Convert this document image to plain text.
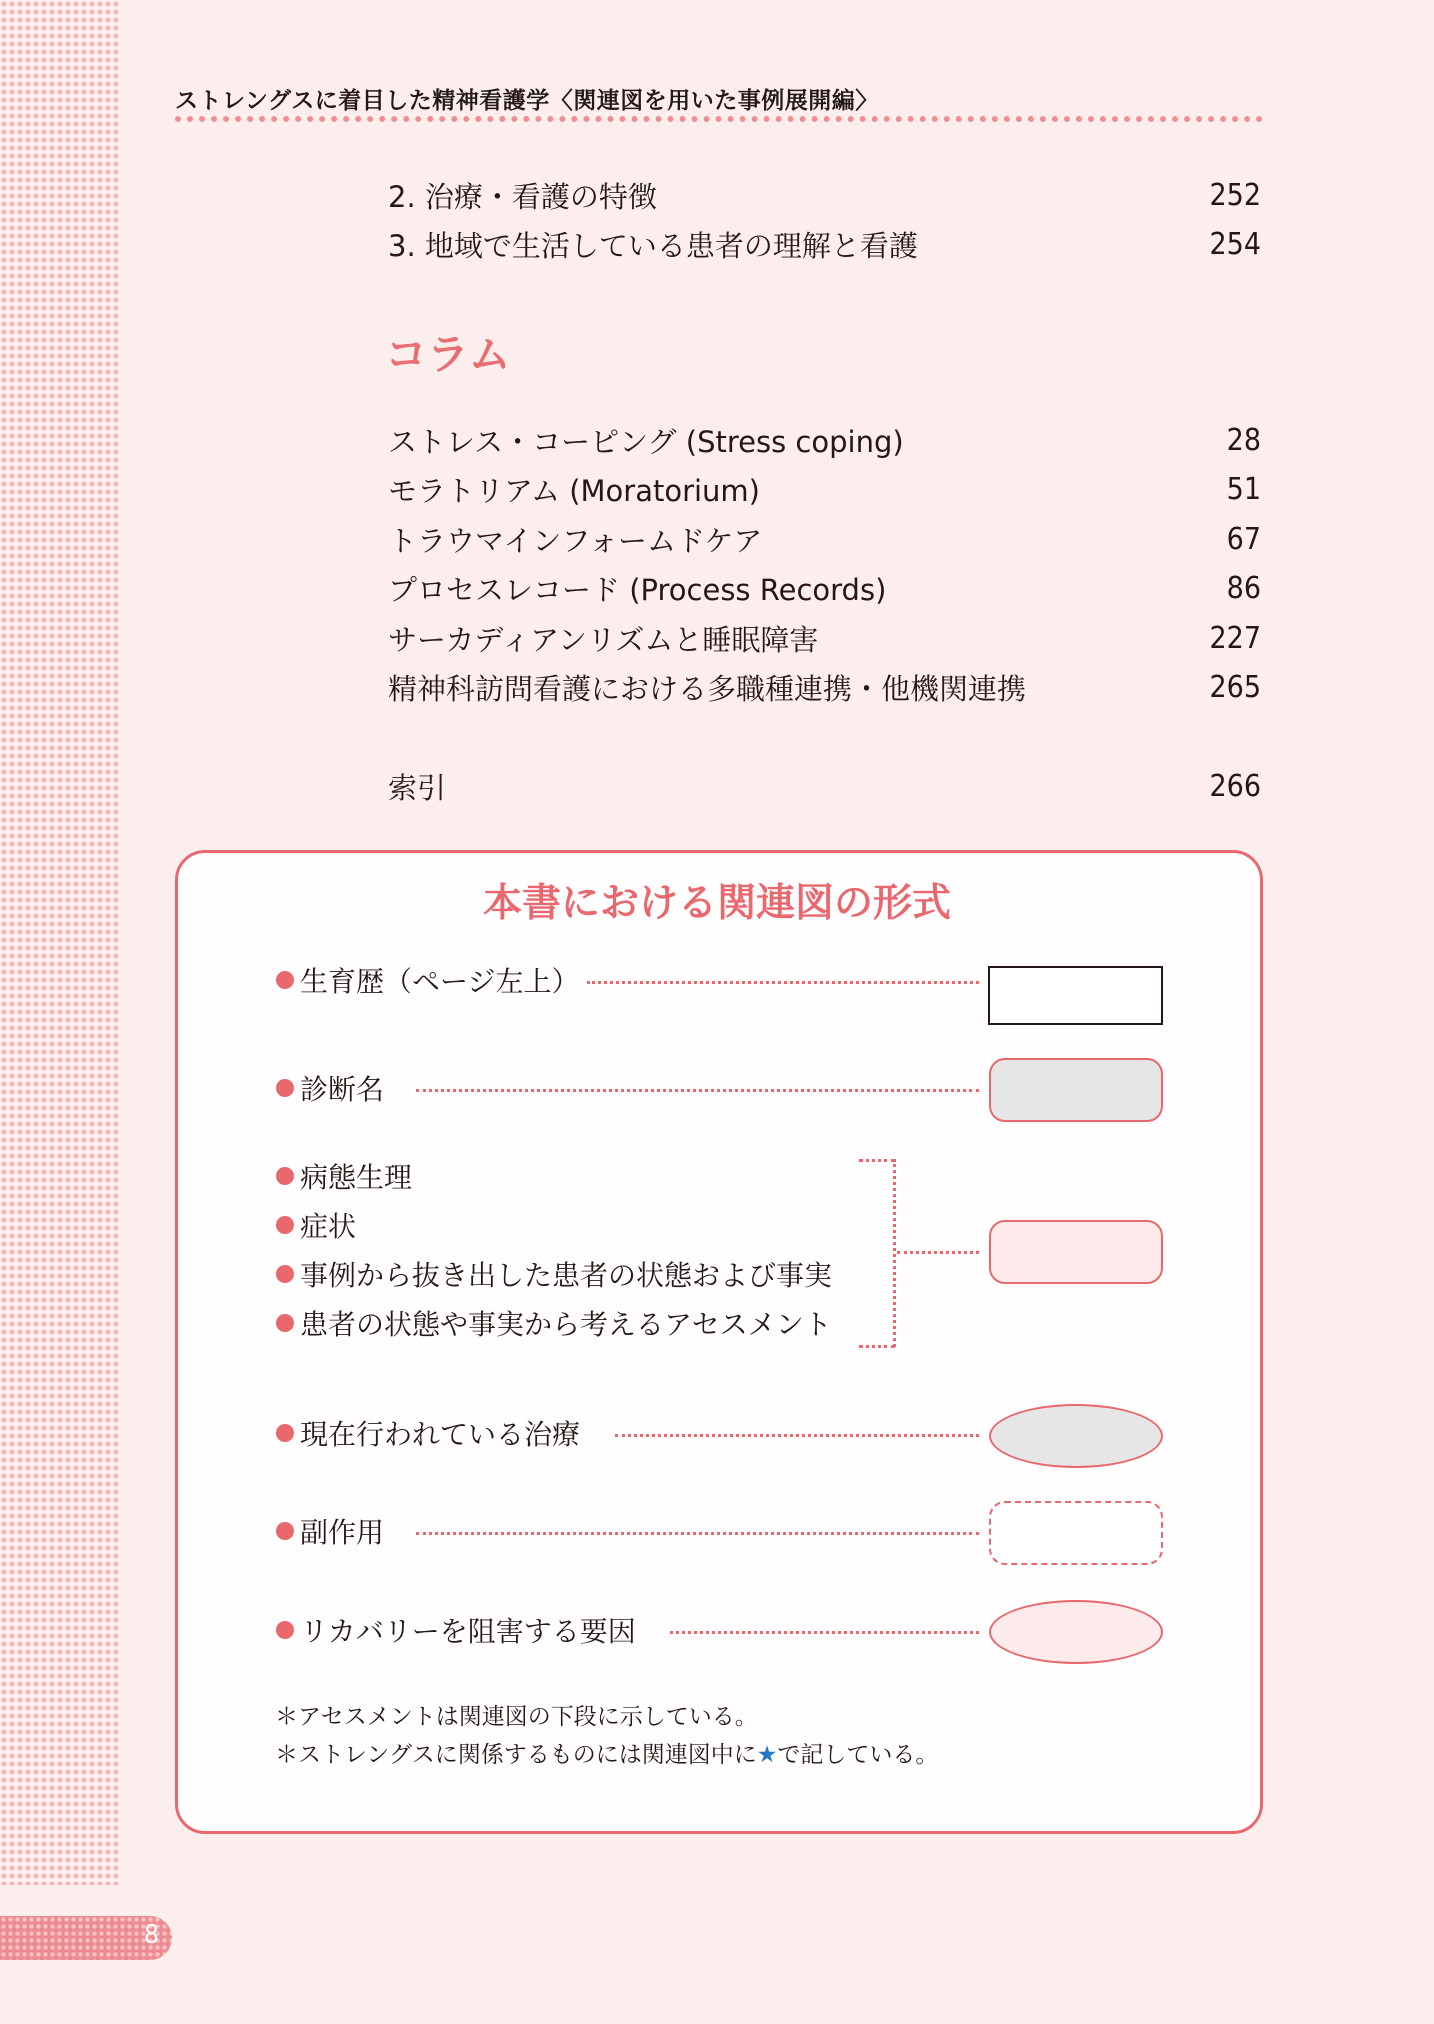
ストレングスに着目した精神看護学〈関連図を用いた事例展開編〉
2. 治療・看護の特徴	252
3. 地域で生活している患者の理解と看護	254
コラム
ストレス・コーピング (Stress coping)	28
モラトリアム (Moratorium)	51
トラウマインフォームドケア	67
プロセスレコード (Process Records)	86
サーカディアンリズムと睡眠障害	227
精神科訪問看護における多職種連携・他機関連携	265
索引	266
本書における関連図の形式
生育歴（ページ左上）
診断名
病態生理
症状
事例から抜き出した患者の状態および事実
患者の状態や事実から考えるアセスメント
現在行われている治療
副作用
リカバリーを阻害する要因
＊アセスメントは関連図の下段に示している。
＊ストレングスに関係するものには関連図中に★で記している。
8
